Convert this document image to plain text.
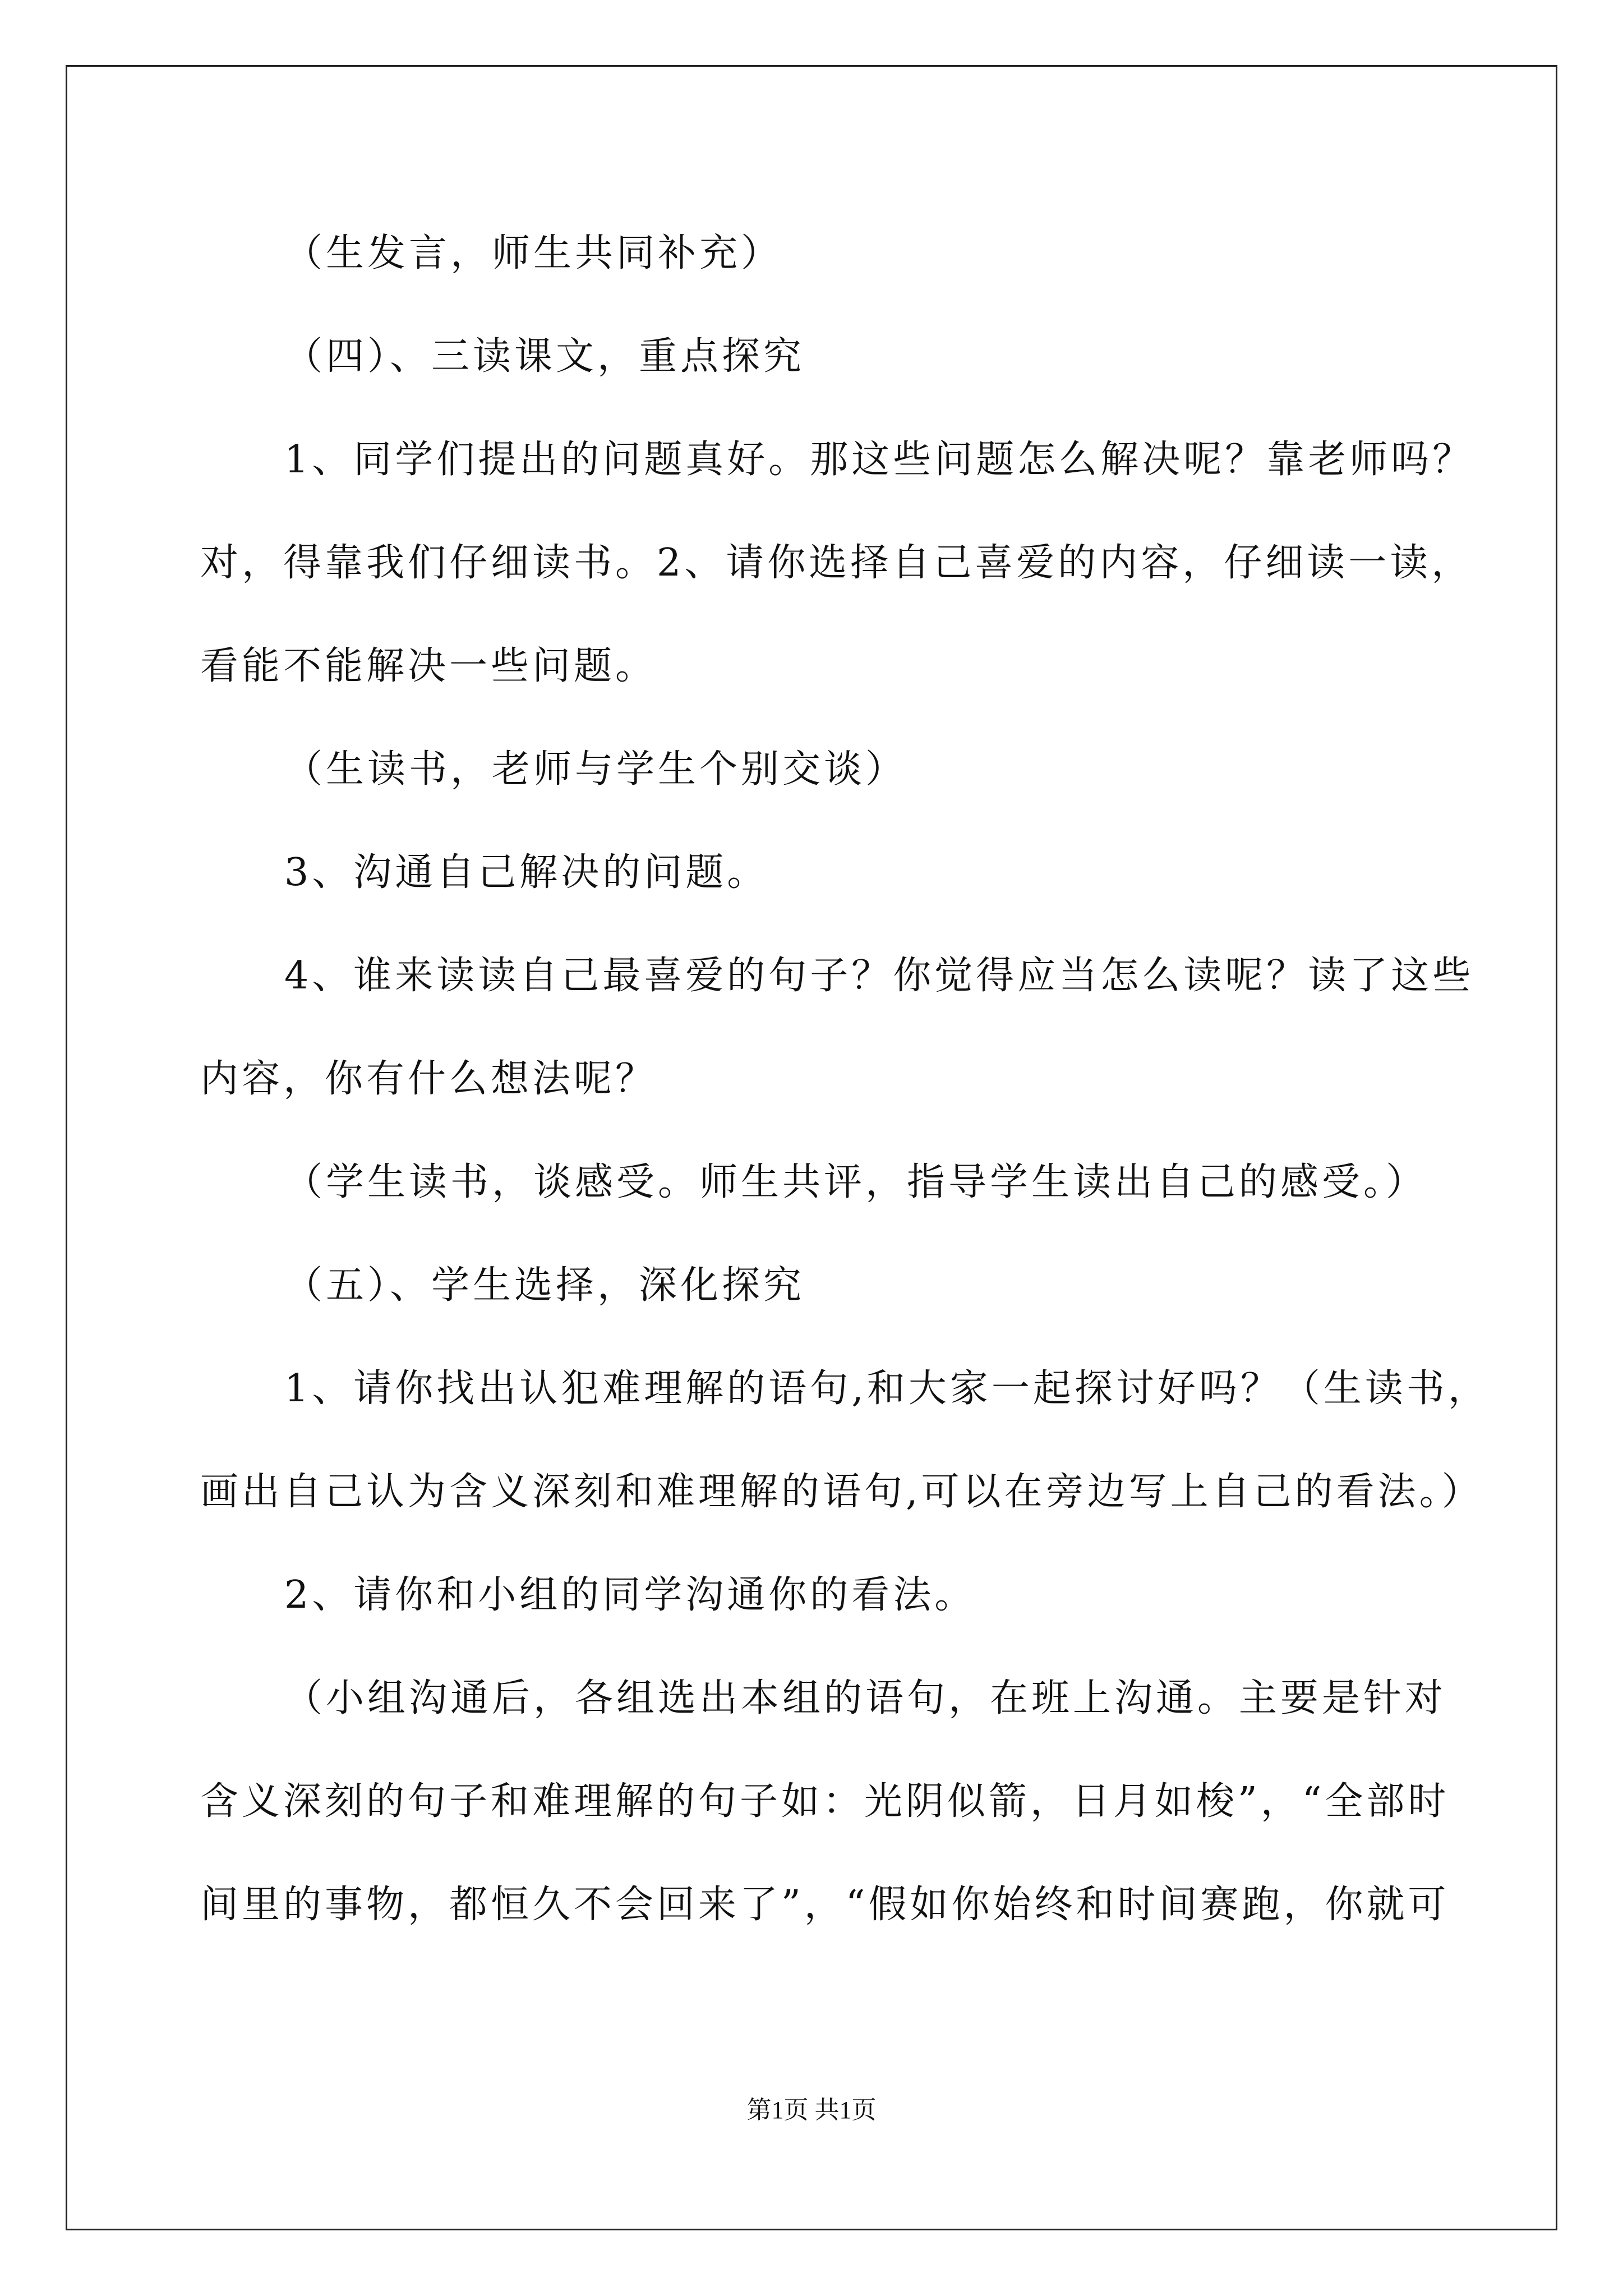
（生发言，师生共同补充）
（四）、三读课文，重点探究
1、同学们提出的问题真好。那这些问题怎么解决呢？靠老师吗？
对，得靠我们仔细读书。2、请你选择自己喜爱的内容，仔细读一读，
看能不能解决一些问题。
（生读书，老师与学生个别交谈）
3、沟通自己解决的问题。
4、谁来读读自己最喜爱的句子？你觉得应当怎么读呢？读了这些
内容，你有什么想法呢？
（学生读书，谈感受。师生共评，指导学生读出自己的感受。）
（五）、学生选择，深化探究
1、请你找出认犯难理解的语句,和大家一起探讨好吗？（生读书，
画出自己认为含义深刻和难理解的语句,可以在旁边写上自己的看法。）
2、请你和小组的同学沟通你的看法。
（小组沟通后，各组选出本组的语句，在班上沟通。主要是针对
含义深刻的句子和难理解的句子如：光阴似箭，日月如梭”，“全部时
间里的事物，都恒久不会回来了”，“假如你始终和时间赛跑，你就可
第1页 共1页
